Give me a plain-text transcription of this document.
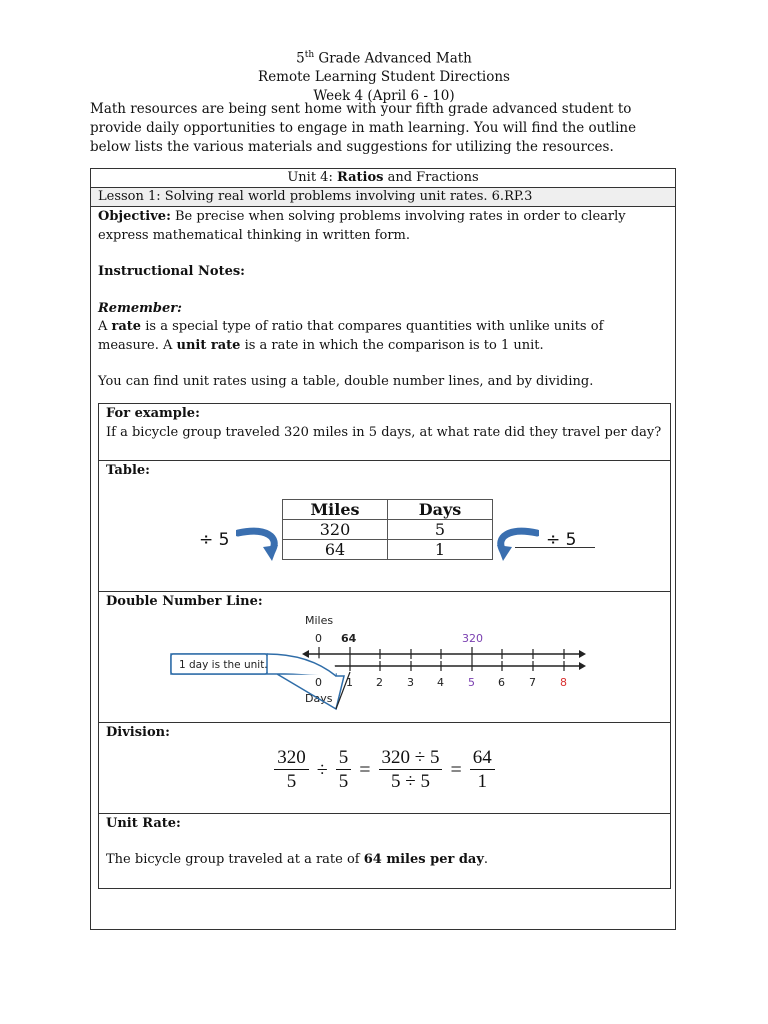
5th Grade Advanced Math
Remote Learning Student Directions
Week 4 (April 6 - 10)
Math resources are being sent home with your fifth grade advanced student to provide daily opportunities to engage in math learning. You will find the outline below lists the various materials and suggestions for utilizing the resources.
Unit 4: Ratios and Fractions
Lesson 1: Solving real world problems involving unit rates. 6.RP.3

Objective: Be precise when solving problems involving rates in order to clearly express mathematical thinking in written form.

Instructional Notes:

Remember:

A rate is a special type of ratio that compares quantities with unlike units of measure. A unit rate is a rate in which the comparison is to 1 unit.

You can find unit rates using a table, double number lines, and by dividing.

For example:
If a bicycle group traveled 320 miles in 5 days, at what rate did they travel per day?
Table:
÷ 5
Miles	Days
320	5
64	1	÷ 5
Double Number Line:
Miles
0 64	320
0 1 2 3 4 5 6 7 8
Days
1 day is the unit.
Division:
$\frac{320}{5} \div \frac{5}{5} = \frac{320 \div 5}{5 \div 5} = \frac{64}{1}$
Unit Rate:
The bicycle group traveled at a rate of 64 miles per day.
